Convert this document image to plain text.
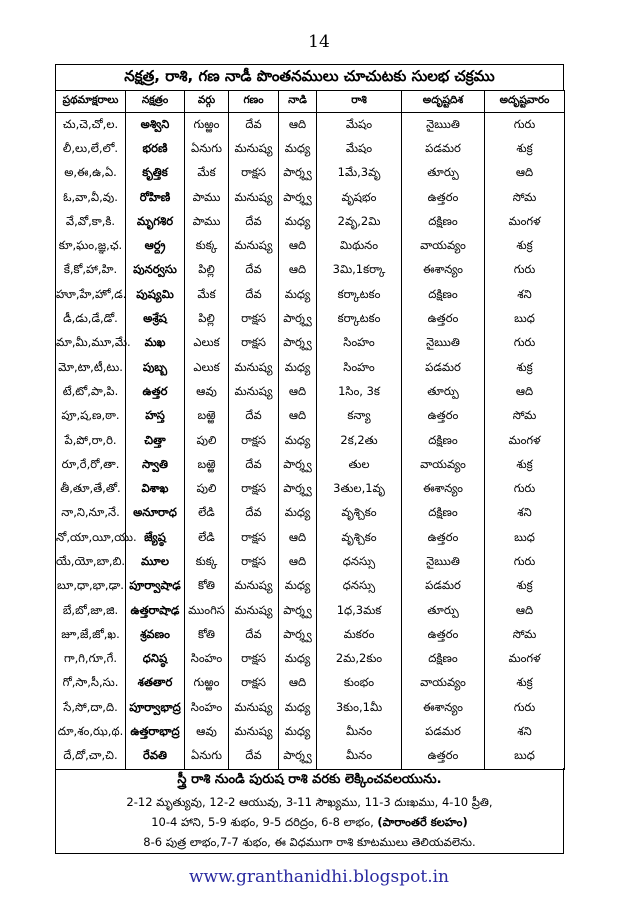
14
నక్షత్ర, రాశి, గణ నాడీ పొంతనములు చూచుటకు సులభ చక్రము
ప్రథమాక్షరాలు	నక్షత్రం	వర్గు	గణం	నాడి	రాశి	అదృష్టదిశ	అదృష్టవారం
చు,చె,చో,ల.	అశ్విని	గుఱ్ఱం	దేవ	ఆది	మేషం	నైఋతి	గురు
లీ,లు,లే,లో.	భరణి	ఏనుగు	మనుష్య	మధ్య	మేషం	పడమర	శుక్ర
అ,ఈ,ఉ,ఏ.	కృత్తిక	మేక	రాక్షస	పార్శ్వ	1మే,3వృ	తూర్పు	ఆది
ఓ,వా,వీ,వు.	రోహిణి	పాము	మనుష్య	పార్శ్వ	వృషభం	ఉత్తరం	సోమ
వే,వో,కా,కి.	మృగశిర	పాము	దేవ	మధ్య	2వృ,2మి	దక్షిణం	మంగళ
కూ,ఘం,జ్ఞ,ఛ.	ఆర్ద్ర	కుక్క	మనుష్య	ఆది	మిథునం	వాయవ్యం	శుక్ర
కే,కో,హా,హి.	పునర్వసు	పిల్లి	దేవ	ఆది	3మి,1కర్కా	ఈశాన్యం	గురు
హూ,హే,హో,డ.	పుష్యమి	మేక	దేవ	మధ్య	కర్కాటకం	దక్షిణం	శని
డీ,డు,డే,డో.	అశ్రేష	పిల్లి	రాక్షస	పార్శ్వ	కర్కాటకం	ఉత్తరం	బుధ
మా,మీ,మూ,మే.	మఖ	ఎలుక	రాక్షస	పార్శ్వ	సింహం	నైఋతి	గురు
మో,టా,టీ,టు.	పుబ్బ	ఎలుక	మనుష్య	మధ్య	సింహం	పడమర	శుక్ర
టే,టో,పా,పి.	ఉత్తర	ఆవు	మనుష్య	ఆది	1సిం, 3క	తూర్పు	ఆది
పూ,ష,ణ,ఠా.	హస్త	బఱ్ఱె	దేవ	ఆది	కన్యా	ఉత్తరం	సోమ
పే,పో,రా,రి.	చిత్తా	పులి	రాక్షస	మధ్య	2క,2తు	దక్షిణం	మంగళ
రూ,రే,రో,తా.	స్వాతి	బఱ్ఱె	దేవ	పార్శ్వ	తుల	వాయవ్యం	శుక్ర
తీ,తూ,తే,తో.	విశాఖ	పులి	రాక్షస	పార్శ్వ	3తుల,1వృ	ఈశాన్యం	గురు
నా,ని,నూ,నే.	అనూరాధ	లేడి	దేవ	మధ్య	వృశ్చికం	దక్షిణం	శని
నో,యా,యీ,యు.	జ్యేష్ఠ	లేడి	రాక్షస	ఆది	వృశ్చికం	ఉత్తరం	బుధ
యే,యో,బా,బి.	మూల	కుక్క	రాక్షస	ఆది	ధనస్సు	నైఋతి	గురు
బూ,ధా,భా,ఢా.	పూర్వాషాఢ	కోతి	మనుష్య	మధ్య	ధనస్సు	పడమర	శుక్ర
బే,బో,జా,జి.	ఉత్తరాషాఢ	ముంగిస	మనుష్య	పార్శ్వ	1ధ,3మక	తూర్పు	ఆది
జూ,జే,జో,ఖ.	శ్రవణం	కోతి	దేవ	పార్శ్వ	మకరం	ఉత్తరం	సోమ
గా,గి,గూ,గే.	ధనిష్ఠ	సింహం	రాక్షస	మధ్య	2మ,2కుం	దక్షిణం	మంగళ
గో,సా,సీ,సు.	శతతార	గుఱ్ఱం	రాక్షస	ఆది	కుంభం	వాయవ్యం	శుక్ర
సే,సో,దా,ది.	పూర్వాభాద్ర	సింహం	మనుష్య	మధ్య	3కుం,1మీ	ఈశాన్యం	గురు
దూ,శం,ఝ,థ.	ఉత్తరాభాద్ర	ఆవు	మనుష్య	మధ్య	మీనం	పడమర	శని
దే,దో,చా,చి.	రేవతి	ఏనుగు	దేవ	పార్శ్వ	మీనం	ఉత్తరం	బుధ
స్త్రీ రాశి నుండి పురుష రాశి వరకు లెక్కించవలయును.
2-12 మృత్యువు, 12-2 ఆయువు, 3-11 సౌఖ్యము, 11-3 దుఃఖము, 4-10 ప్రీతి,
10-4 హాని, 5-9 శుభం, 9-5 దరిద్రం, 6-8 లాభం, (పారాంతరే కలహం)
8-6 పుత్ర లాభం,7-7 శుభం, ఈ విధముగా రాశి కూటములు తెలియవలెను.
www.granthanidhi.blogspot.in
